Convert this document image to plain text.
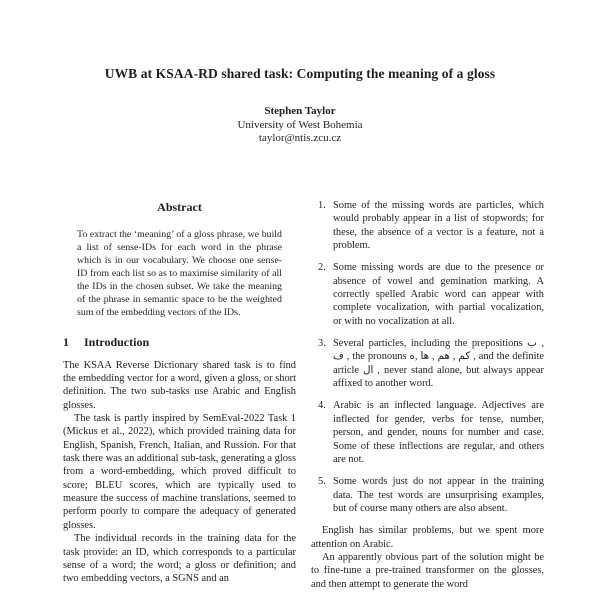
UWB at KSAA-RD shared task: Computing the meaning of a gloss
Stephen Taylor
University of West Bohemia
taylor@ntis.zcu.cz
Abstract

To extract the ‘meaning’ of a gloss phrase, we build a list of sense-IDs for each word in the phrase which is in our vocabulary. We choose one sense-ID from each list so as to maximise similarity of all the IDs in the chosen subset. We take the meaning of the phrase in semantic space to be the weighted sum of the embedding vectors of the IDs.

1 Introduction

The KSAA Reverse Dictionary shared task is to find the embedding vector for a word, given a gloss, or short definition. The two sub-tasks use Arabic and English glosses.

The task is partly inspired by SemEval-2022 Task 1 (Mickus et al., 2022), which provided training data for English, Spanish, French, Italian, and Russion. For that task there was an additional sub-task, generating a gloss from a word-embedding, which proved difficult to score; BLEU scores, which are typically used to measure the success of machine translations, seemed to perform poorly to compare the adequacy of generated glosses.

The individual records in the training data for the task provide: an ID, which corresponds to a particular sense of a word; the word; a gloss or definition; and two embedding vectors, a SGNS and an

1. Some of the missing words are particles, which would probably appear in a list of stopwords; for these, the absence of a vector is a feature, not a problem.
2. Some missing words are due to the presence or absence of vowel and gemination marking. A correctly spelled Arabic word can appear with complete vocalization, with partial vocalization, or with no vocalization at all.
3. Several particles, including the prepositions ب‎ , ف‎ , the pronouns ه‎, ها‎ , هم‎ , كم‎ , and the definite article ال‎ , never stand alone, but always appear affixed to another word.
4. Arabic is an inflected language. Adjectives are inflected for gender, verbs for tense, number, person, and gender, nouns for number and case. Some of these inflections are regular, and others are not.
5. Some words just do not appear in the training data. The test words are unsurprising examples, but of course many others are also absent.

English has similar problems, but we spent more attention on Arabic.

An apparently obvious part of the solution might be to fine-tune a pre-trained transformer on the glosses, and then attempt to generate the word
